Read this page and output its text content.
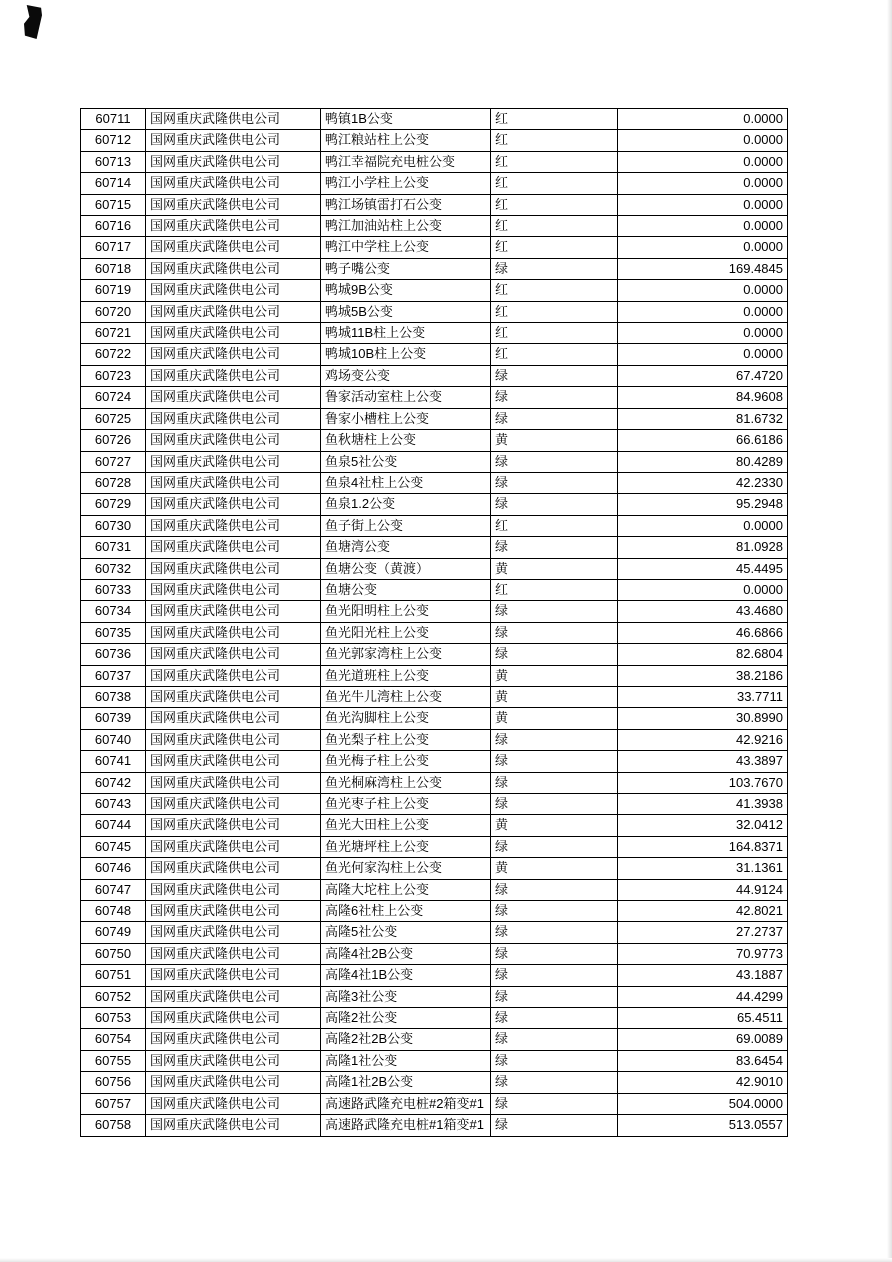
60711	国网重庆武隆供电公司	鸭镇1B公变	红	0.0000
60712	国网重庆武隆供电公司	鸭江粮站柱上公变	红	0.0000
60713	国网重庆武隆供电公司	鸭江幸福院充电桩公变	红	0.0000
60714	国网重庆武隆供电公司	鸭江小学柱上公变	红	0.0000
60715	国网重庆武隆供电公司	鸭江场镇雷打石公变	红	0.0000
60716	国网重庆武隆供电公司	鸭江加油站柱上公变	红	0.0000
60717	国网重庆武隆供电公司	鸭江中学柱上公变	红	0.0000
60718	国网重庆武隆供电公司	鸭子嘴公变	绿	169.4845
60719	国网重庆武隆供电公司	鸭城9B公变	红	0.0000
60720	国网重庆武隆供电公司	鸭城5B公变	红	0.0000
60721	国网重庆武隆供电公司	鸭城11B柱上公变	红	0.0000
60722	国网重庆武隆供电公司	鸭城10B柱上公变	红	0.0000
60723	国网重庆武隆供电公司	鸡场变公变	绿	67.4720
60724	国网重庆武隆供电公司	鲁家活动室柱上公变	绿	84.9608
60725	国网重庆武隆供电公司	鲁家小槽柱上公变	绿	81.6732
60726	国网重庆武隆供电公司	鱼秋塘柱上公变	黄	66.6186
60727	国网重庆武隆供电公司	鱼泉5社公变	绿	80.4289
60728	国网重庆武隆供电公司	鱼泉4社柱上公变	绿	42.2330
60729	国网重庆武隆供电公司	鱼泉1.2公变	绿	95.2948
60730	国网重庆武隆供电公司	鱼子街上公变	红	0.0000
60731	国网重庆武隆供电公司	鱼塘湾公变	绿	81.0928
60732	国网重庆武隆供电公司	鱼塘公变（黄渡）	黄	45.4495
60733	国网重庆武隆供电公司	鱼塘公变	红	0.0000
60734	国网重庆武隆供电公司	鱼光阳明柱上公变	绿	43.4680
60735	国网重庆武隆供电公司	鱼光阳光柱上公变	绿	46.6866
60736	国网重庆武隆供电公司	鱼光郭家湾柱上公变	绿	82.6804
60737	国网重庆武隆供电公司	鱼光道班柱上公变	黄	38.2186
60738	国网重庆武隆供电公司	鱼光牛儿湾柱上公变	黄	33.7711
60739	国网重庆武隆供电公司	鱼光沟脚柱上公变	黄	30.8990
60740	国网重庆武隆供电公司	鱼光梨子柱上公变	绿	42.9216
60741	国网重庆武隆供电公司	鱼光梅子柱上公变	绿	43.3897
60742	国网重庆武隆供电公司	鱼光桐麻湾柱上公变	绿	103.7670
60743	国网重庆武隆供电公司	鱼光枣子柱上公变	绿	41.3938
60744	国网重庆武隆供电公司	鱼光大田柱上公变	黄	32.0412
60745	国网重庆武隆供电公司	鱼光塘坪柱上公变	绿	164.8371
60746	国网重庆武隆供电公司	鱼光何家沟柱上公变	黄	31.1361
60747	国网重庆武隆供电公司	高隆大坨柱上公变	绿	44.9124
60748	国网重庆武隆供电公司	高隆6社柱上公变	绿	42.8021
60749	国网重庆武隆供电公司	高隆5社公变	绿	27.2737
60750	国网重庆武隆供电公司	高隆4社2B公变	绿	70.9773
60751	国网重庆武隆供电公司	高隆4社1B公变	绿	43.1887
60752	国网重庆武隆供电公司	高隆3社公变	绿	44.4299
60753	国网重庆武隆供电公司	高隆2社公变	绿	65.4511
60754	国网重庆武隆供电公司	高隆2社2B公变	绿	69.0089
60755	国网重庆武隆供电公司	高隆1社公变	绿	83.6454
60756	国网重庆武隆供电公司	高隆1社2B公变	绿	42.9010
60757	国网重庆武隆供电公司	高速路武隆充电桩#2箱变#1	绿	504.0000
60758	国网重庆武隆供电公司	高速路武隆充电桩#1箱变#1	绿	513.0557
